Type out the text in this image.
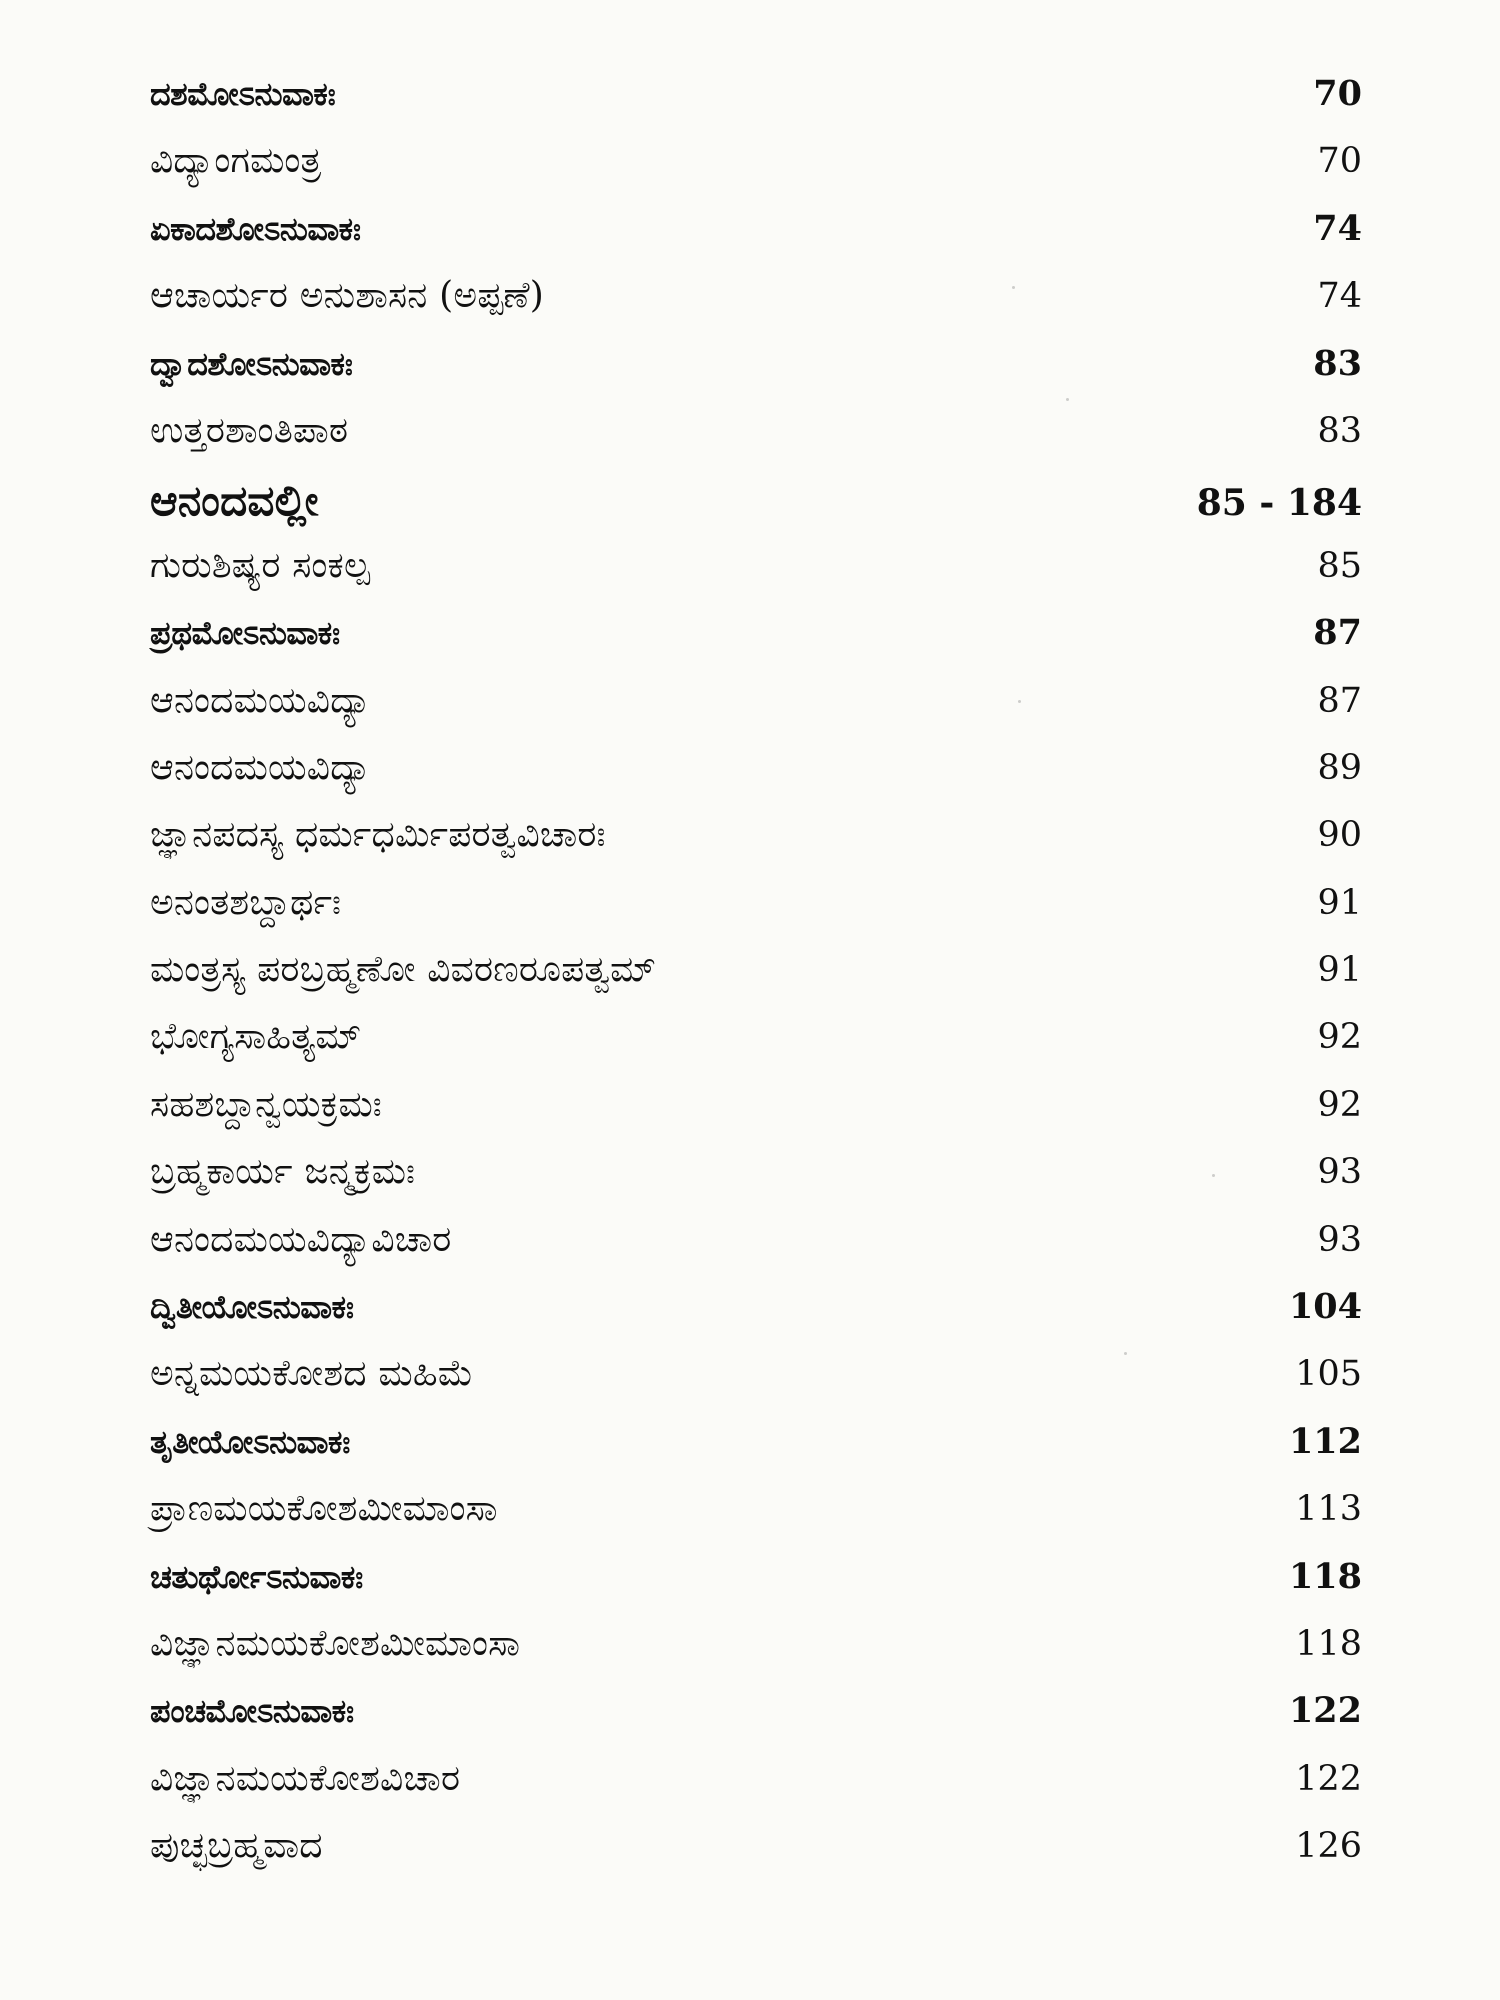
ದಶಮೋಽನುವಾಕಃ	70
ವಿದ್ಯಾಂಗಮಂತ್ರ	70
ಏಕಾದಶೋಽನುವಾಕಃ	74
ಆಚಾರ್ಯರ ಅನುಶಾಸನ (ಅಪ್ಪಣೆ)	74
ದ್ವಾದಶೋಽನುವಾಕಃ	83
ಉತ್ತರಶಾಂತಿಪಾಠ	83
ಆನಂದವಲ್ಲೀ	85 - 184
ಗುರುಶಿಷ್ಯರ ಸಂಕಲ್ಪ	85
ಪ್ರಥಮೋಽನುವಾಕಃ	87
ಆನಂದಮಯವಿದ್ಯಾ	87
ಆನಂದಮಯವಿದ್ಯಾ	89
ಜ್ಞಾನಪದಸ್ಯ ಧರ್ಮಧರ್ಮಿಪರತ್ವವಿಚಾರಃ	90
ಅನಂತಶಬ್ದಾರ್ಥಃ	91
ಮಂತ್ರಸ್ಯ ಪರಬ್ರಹ್ಮಣೋ ವಿವರಣರೂಪತ್ವಮ್	91
ಭೋಗ್ಯಸಾಹಿತ್ಯಮ್	92
ಸಹಶಬ್ದಾನ್ವಯಕ್ರಮಃ	92
ಬ್ರಹ್ಮಕಾರ್ಯ ಜನ್ಮಕ್ರಮಃ	93
ಆನಂದಮಯವಿದ್ಯಾವಿಚಾರ	93
ದ್ವಿತೀಯೋಽನುವಾಕಃ	104
ಅನ್ನಮಯಕೋಶದ ಮಹಿಮೆ	105
ತೃತೀಯೋಽನುವಾಕಃ	112
ಪ್ರಾಣಮಯಕೋಶಮೀಮಾಂಸಾ	113
ಚತುರ್ಥೋಽನುವಾಕಃ	118
ವಿಜ್ಞಾನಮಯಕೋಶಮೀಮಾಂಸಾ	118
ಪಂಚಮೋಽನುವಾಕಃ	122
ವಿಜ್ಞಾನಮಯಕೋಶವಿಚಾರ	122
ಪುಚ್ಛಬ್ರಹ್ಮವಾದ	126
